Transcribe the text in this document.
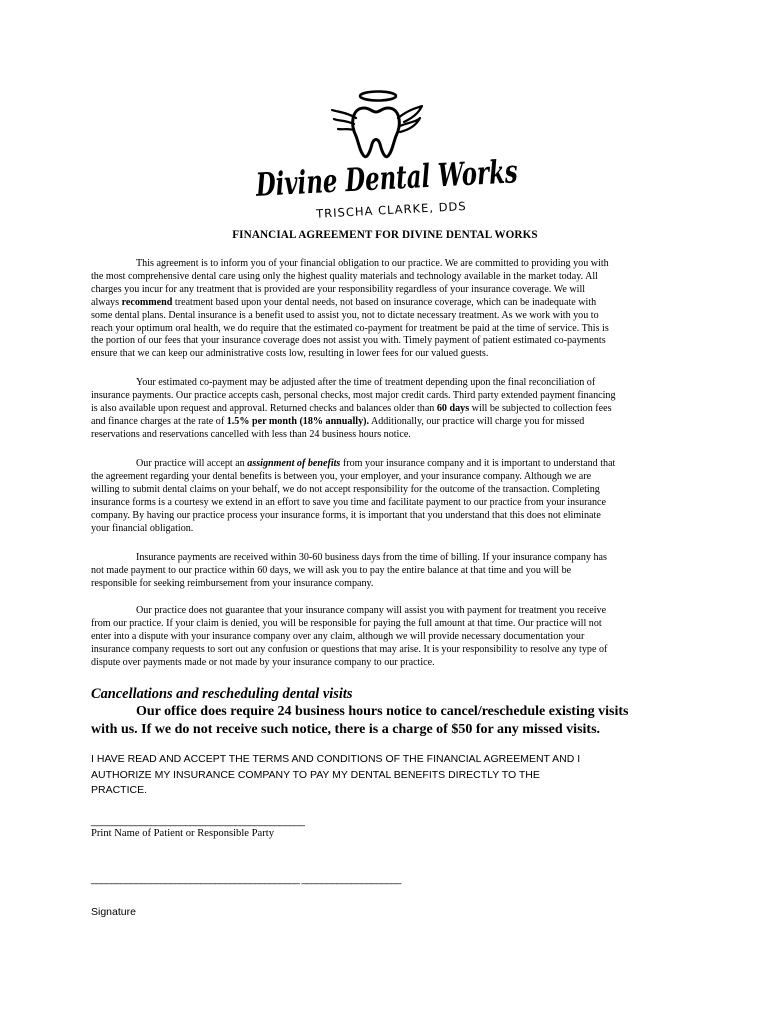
Divine Dental Works
TRISCHA CLARKE, DDS
FINANCIAL AGREEMENT FOR DIVINE DENTAL WORKS
This agreement is to inform you of your financial obligation to our practice. We are committed to providing you with
the most comprehensive dental care using only the highest quality materials and technology available in the market today. All
charges you incur for any treatment that is provided are your responsibility regardless of your insurance coverage. We will
always recommend treatment based upon your dental needs, not based on insurance coverage, which can be inadequate with
some dental plans. Dental insurance is a benefit used to assist you, not to dictate necessary treatment. As we work with you to
reach your optimum oral health, we do require that the estimated co-payment for treatment be paid at the time of service. This is
the portion of our fees that your insurance coverage does not assist you with. Timely payment of patient estimated co-payments
ensure that we can keep our administrative costs low, resulting in lower fees for our valued guests.
Your estimated co-payment may be adjusted after the time of treatment depending upon the final reconciliation of
insurance payments. Our practice accepts cash, personal checks, most major credit cards. Third party extended payment financing
is also available upon request and approval. Returned checks and balances older than 60 days will be subjected to collection fees
and finance charges at the rate of 1.5% per month (18% annually). Additionally, our practice will charge you for missed
reservations and reservations cancelled with less than 24 business hours notice.
Our practice will accept an assignment of benefits from your insurance company and it is important to understand that
the agreement regarding your dental benefits is between you, your employer, and your insurance company. Although we are
willing to submit dental claims on your behalf, we do not accept responsibility for the outcome of the transaction. Completing
insurance forms is a courtesy we extend in an effort to save you time and facilitate payment to our practice from your insurance
company. By having our practice process your insurance forms, it is important that you understand that this does not eliminate
your financial obligation.
Insurance payments are received within 30-60 business days from the time of billing. If your insurance company has
not made payment to our practice within 60 days, we will ask you to pay the entire balance at that time and you will be
responsible for seeking reimbursement from your insurance company.
Our practice does not guarantee that your insurance company will assist you with payment for treatment you receive
from our practice. If your claim is denied, you will be responsible for paying the full amount at that time. Our practice will not
enter into a dispute with your insurance company over any claim, although we will provide necessary documentation your
insurance company requests to sort out any confusion or questions that may arise. It is your responsibility to resolve any type of
dispute over payments made or not made by your insurance company to our practice.
Cancellations and rescheduling dental visits
Our office does require 24 business hours notice to cancel/reschedule existing visits
with us. If we do not receive such notice, there is a charge of $50 for any missed visits.
I HAVE READ AND ACCEPT THE TERMS AND CONDITIONS OF THE FINANCIAL AGREEMENT AND I
AUTHORIZE MY INSURANCE COMPANY TO PAY MY DENTAL BENEFITS DIRECTLY TO THE
PRACTICE.
___________________________________________
Print Name of Patient or Responsible Party
__________________________________________ ____________________
Signature
